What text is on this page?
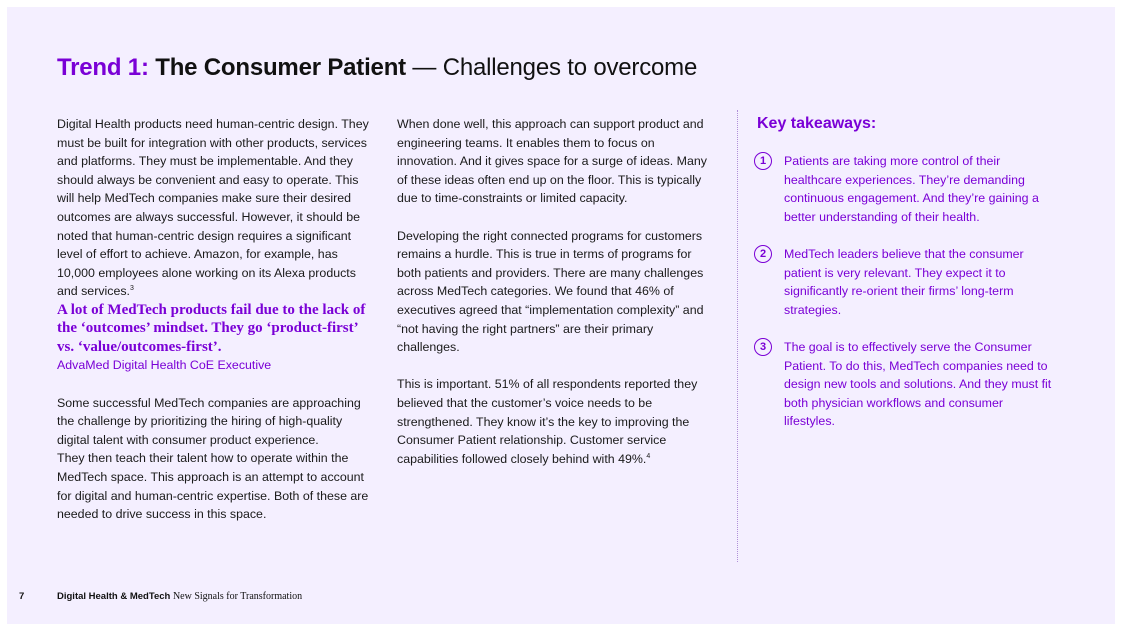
Trend 1: The Consumer Patient — Challenges to overcome

Digital Health products need human-centric design. They must be built for integration with other products, services and platforms. They must be implementable. And they should always be convenient and easy to operate. This will help MedTech companies make sure their desired outcomes are always successful. However, it should be noted that human-centric design requires a significant level of effort to achieve. Amazon, for example, has 10,000 employees alone working on its Alexa products and services.$^3$

A lot of MedTech products fail due to the lack of the ‘outcomes’ mindset. They go ‘product-first’ vs. ‘value/outcomes-first’.

AdvaMed Digital Health CoE Executive

Some successful MedTech companies are approaching the challenge by prioritizing the hiring of high-quality digital talent with consumer product experience.

They then teach their talent how to operate within the MedTech space. This approach is an attempt to account for digital and human-centric expertise. Both of these are needed to drive success in this space.

When done well, this approach can support product and engineering teams. It enables them to focus on innovation. And it gives space for a surge of ideas. Many of these ideas often end up on the floor. This is typically due to time-constraints or limited capacity.

Developing the right connected programs for customers remains a hurdle. This is true in terms of programs for both patients and providers. There are many challenges across MedTech categories. We found that 46% of executives agreed that “implementation complexity” and “not having the right partners” are their primary challenges.

This is important. 51% of all respondents reported they believed that the customer’s voice needs to be strengthened. They know it’s the key to improving the Consumer Patient relationship. Customer service capabilities followed closely behind with 49%.$^4$

Key takeaways:
1	Patients are taking more control of their healthcare experiences. They’re demanding continuous engagement. And they’re gaining a better understanding of their health.
2	MedTech leaders believe that the consumer patient is very relevant. They expect it to significantly re-orient their firms’ long-term strategies.
3	The goal is to effectively serve the Consumer Patient. To do this, MedTech companies need to design new tools and solutions. And they must fit both physician workflows and consumer lifestyles.
7	Digital Health & MedTech New Signals for Transformation
